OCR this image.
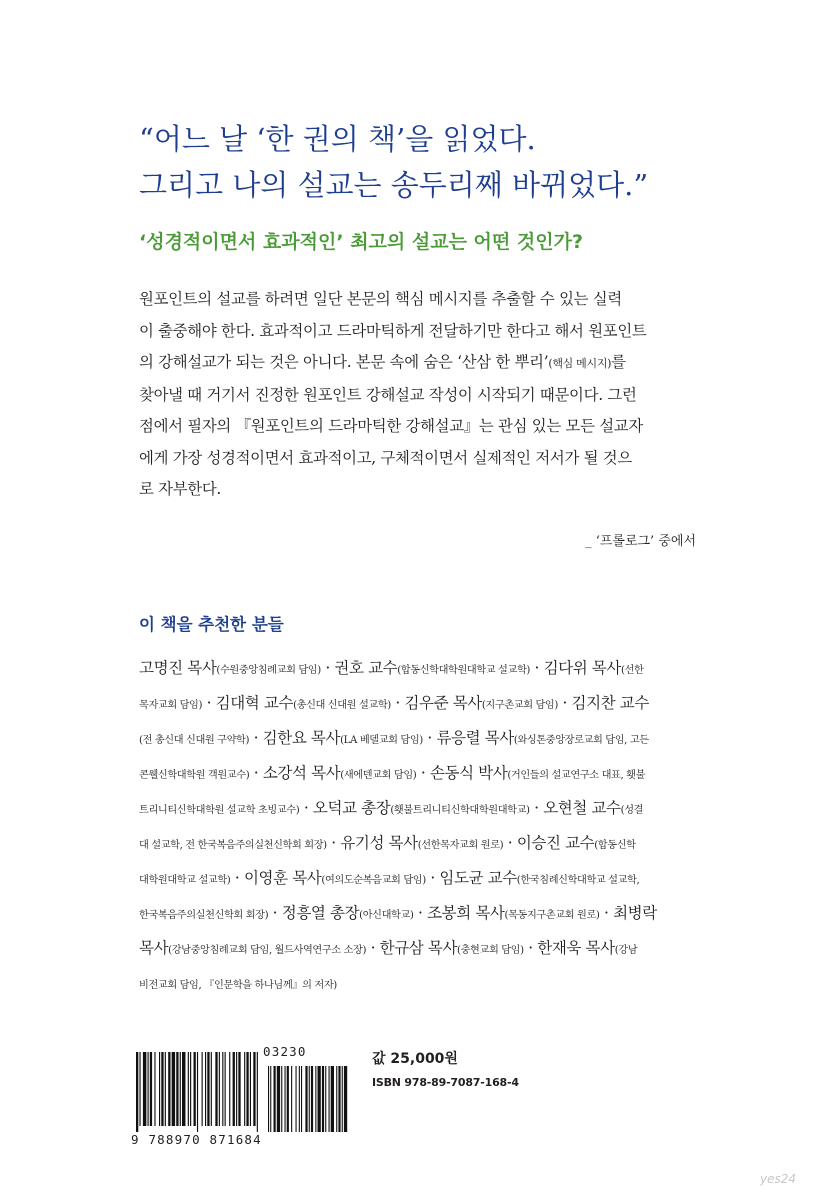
“어느 날 ‘한 권의 책’을 읽었다.
그리고 나의 설교는 송두리째 바뀌었다.”
‘성경적이면서 효과적인’ 최고의 설교는 어떤 것인가?
원포인트의 설교를 하려면 일단 본문의 핵심 메시지를 추출할 수 있는 실력
이 출중해야 한다. 효과적이고 드라마틱하게 전달하기만 한다고 해서 원포인트
의 강해설교가 되는 것은 아니다. 본문 속에 숨은 ‘산삼 한 뿌리’(핵심 메시지)를
찾아낼 때 거기서 진정한 원포인트 강해설교 작성이 시작되기 때문이다. 그런
점에서 필자의 『원포인트의 드라마틱한 강해설교』는 관심 있는 모든 설교자
에게 가장 성경적이면서 효과적이고, 구체적이면서 실제적인 저서가 될 것으
로 자부한다.
_ ‘프롤로그’ 중에서
이 책을 추천한 분들
고명진 목사(수원중앙침례교회 담임) · 권호 교수(합동신학대학원대학교 설교학) · 김다위 목사(선한
목자교회 담임) · 김대혁 교수(총신대 신대원 설교학) · 김우준 목사(지구촌교회 담임) · 김지찬 교수
(전 총신대 신대원 구약학) · 김한요 목사(LA 베델교회 담임) · 류응렬 목사(와싱톤중앙장로교회 담임, 고든
콘웰신학대학원 객원교수) · 소강석 목사(새에덴교회 담임) · 손동식 박사(거인들의 설교연구소 대표, 횃불
트리니티신학대학원 설교학 초빙교수) · 오덕교 총장(횃불트리니티신학대학원대학교) · 오현철 교수(성결
대 설교학, 전 한국복음주의실천신학회 회장) · 유기성 목사(선한목자교회 원로) · 이승진 교수(합동신학
대학원대학교 설교학) · 이영훈 목사(여의도순복음교회 담임) · 임도균 교수(한국침례신학대학교 설교학,
한국복음주의실천신학회 회장) · 정흥열 총장(아신대학교) · 조봉희 목사(목동지구촌교회 원로) · 최병락
목사(강남중앙침례교회 담임, 월드사역연구소 소장) · 한규삼 목사(충현교회 담임) · 한재욱 목사(강남
비전교회 담임, 『인문학을 하나님께』의 저자)
9 788970 871684
03230	값 25,000원
ISBN 978-89-7087-168-4
yes24
